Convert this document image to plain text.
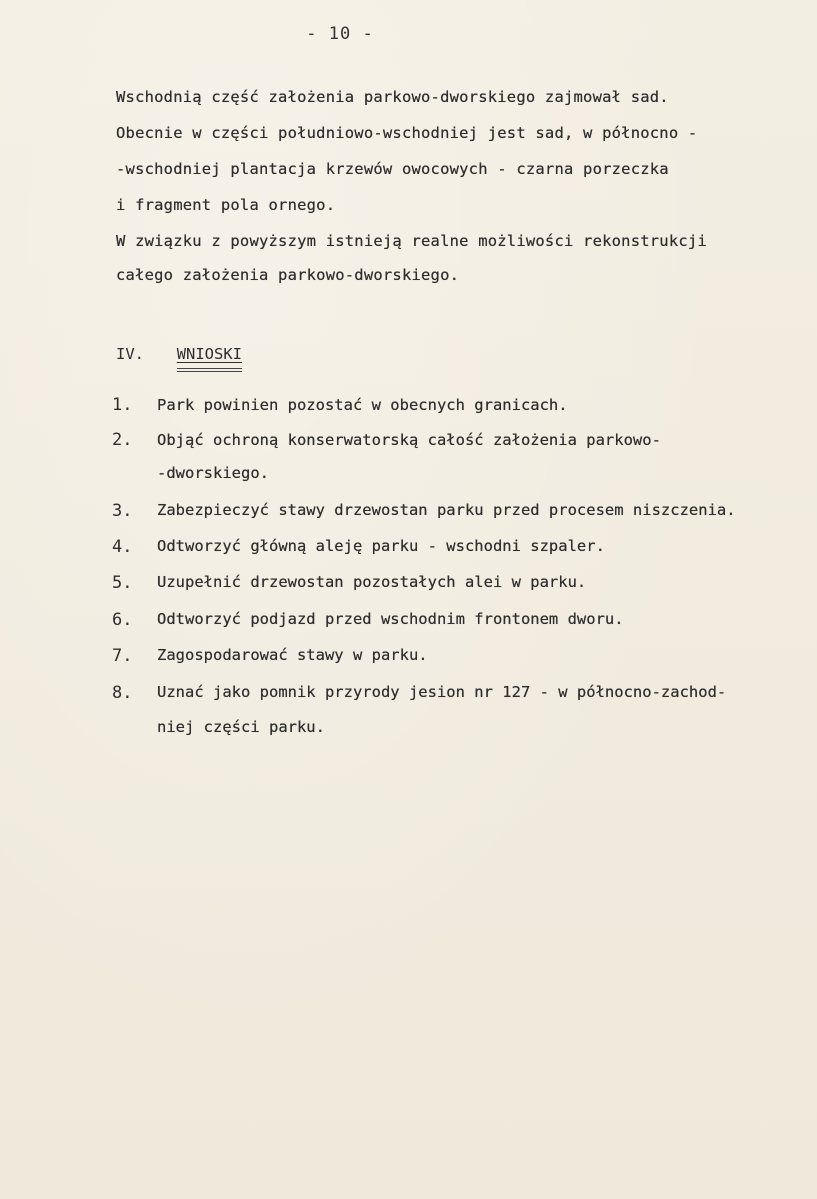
- 10 -
Wschodnią część założenia parkowo-dworskiego zajmował sad.
Obecnie w części południowo-wschodniej jest sad, w północno -
-wschodniej plantacja krzewów owocowych - czarna porzeczka
i fragment pola ornego.
W związku z powyższym istnieją realne możliwości rekonstrukcji
całego założenia parkowo-dworskiego.
IV. WNIOSKI
1. Park powinien pozostać w obecnych granicach.
2. Objąć ochroną konserwatorską całość założenia parkowo-
-dworskiego.
3. Zabezpieczyć stawy drzewostan parku przed procesem niszczenia.
4. Odtworzyć główną aleję parku - wschodni szpaler.
5. Uzupełnić drzewostan pozostałych alei w parku.
6. Odtworzyć podjazd przed wschodnim frontonem dworu.
7. Zagospodarować stawy w parku.
8. Uznać jako pomnik przyrody jesion nr 127 - w północno-zachod-
niej części parku.
